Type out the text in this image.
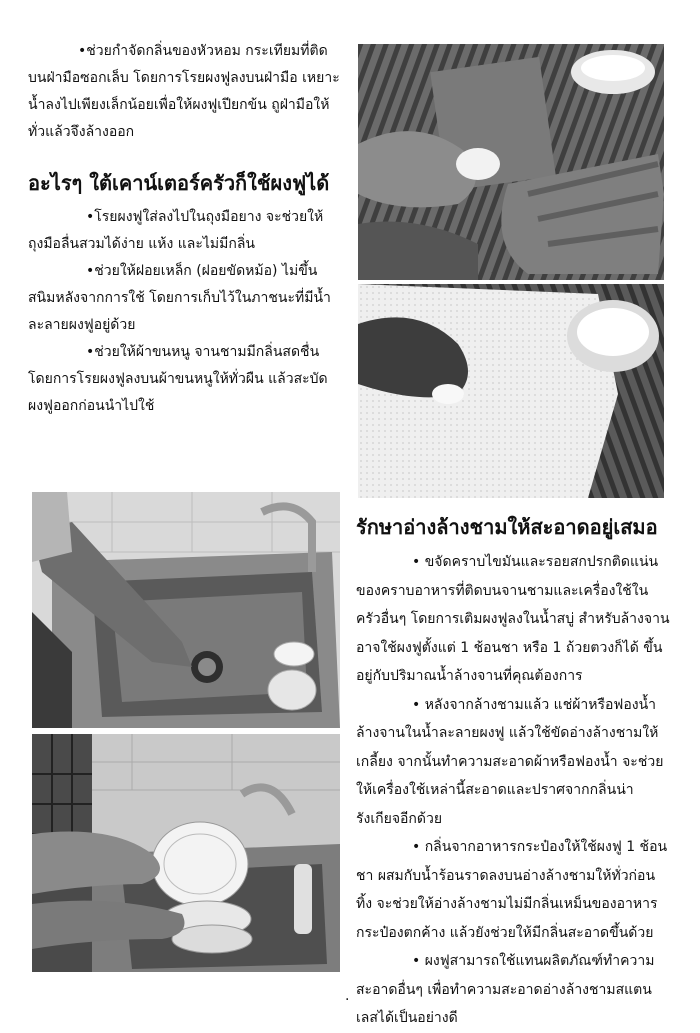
•ช่วยกำจัดกลิ่นของหัวหอม กระเทียมที่ติดบนฝ่ามือซอกเล็บ โดยการโรยผงฟูลงบนฝ่ามือ เหยาะน้ำลงไปเพียงเล็กน้อยเพื่อให้ผงฟูเปียกข้น ถูฝ่ามือให้ทั่วแล้วจึงล้างออก

อะไรๆ ใต้เคาน์เตอร์ครัวก็ใช้ผงฟูได้

•โรยผงฟูใส่ลงไปในถุงมือยาง จะช่วยให้ถุงมือลื่นสวมได้ง่าย แห้ง และไม่มีกลิ่น

•ช่วยให้ฝอยเหล็ก (ฝอยขัดหม้อ) ไม่ขึ้นสนิมหลังจากการใช้ โดยการเก็บไว้ในภาชนะที่มีน้ำละลายผงฟูอยู่ด้วย

•ช่วยให้ผ้าขนหนู จานชามมีกลิ่นสดชื่น โดยการโรยผงฟูลงบนผ้าขนหนูให้ทั่วผืน แล้วสะบัดผงฟูออกก่อนนำไปใช้

รักษาอ่างล้างชามให้สะอาดอยู่เสมอ

• ขจัดคราบไขมันและรอยสกปรกติดแน่นของคราบอาหารที่ติดบนจานชามและเครื่องใช้ในครัวอื่นๆ โดยการเติมผงฟูลงในน้ำสบู่ สำหรับล้างจาน อาจใช้ผงฟูตั้งแต่ 1 ช้อนชา หรือ 1 ถ้วยตวงก็ได้ ขึ้นอยู่กับปริมาณน้ำล้างจานที่คุณต้องการ

• หลังจากล้างชามแล้ว แช่ผ้าหรือฟองน้ำล้างจานในน้ำละลายผงฟู แล้วใช้ขัดอ่างล้างชามให้เกลี้ยง จากนั้นทำความสะอาดผ้าหรือฟองน้ำ จะช่วยให้เครื่องใช้เหล่านี้สะอาดและปราศจากกลิ่นน่ารังเกียจอีกด้วย

• กลิ่นจากอาหารกระป๋องให้ใช้ผงฟู 1 ช้อนชา ผสมกับน้ำร้อนราดลงบนอ่างล้างชามให้ทั่วก่อนทิ้ง จะช่วยให้อ่างล้างชามไม่มีกลิ่นเหม็นของอาหารกระป๋องตกค้าง แล้วยังช่วยให้มีกลิ่นสะอาดขึ้นด้วย

• ผงฟูสามารถใช้แทนผลิตภัณฑ์ทำความสะอาดอื่นๆ เพื่อทำความสะอาดอ่างล้างชามสแตนเลสได้เป็นอย่างดี

·
